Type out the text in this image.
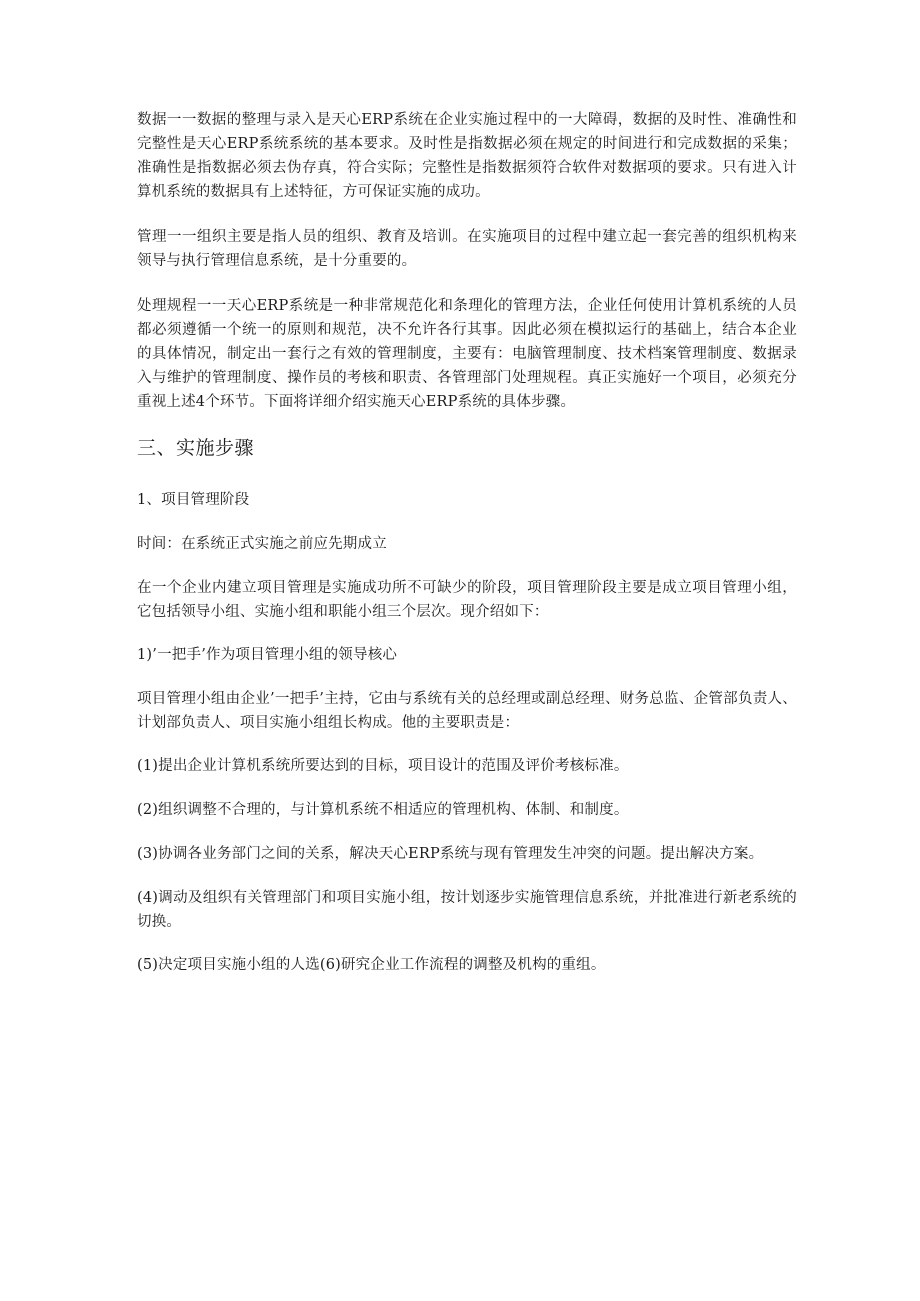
数据一一数据的整理与录入是天心ERP系统在企业实施过程中的一大障碍，数据的及时性、准确性和完整性是天心ERP系统系统的基本要求。及时性是指数据必须在规定的时间进行和完成数据的采集；准确性是指数据必须去伪存真，符合实际；完整性是指数据须符合软件对数据项的要求。只有进入计算机系统的数据具有上述特征，方可保证实施的成功。

管理一一组织主要是指人员的组织、教育及培训。在实施项目的过程中建立起一套完善的组织机构来领导与执行管理信息系统，是十分重要的。

处理规程一一天心ERP系统是一种非常规范化和条理化的管理方法，企业任何使用计算机系统的人员都必须遵循一个统一的原则和规范，决不允许各行其事。因此必须在模拟运行的基础上，结合本企业的具体情况，制定出一套行之有效的管理制度，主要有：电脑管理制度、技术档案管理制度、数据录入与维护的管理制度、操作员的考核和职责、各管理部门处理规程。真正实施好一个项目，必须充分重视上述4个环节。下面将详细介绍实施天心ERP系统的具体步骤。

三、实施步骤

1、项目管理阶段

时间：在系统正式实施之前应先期成立

在一个企业内建立项目管理是实施成功所不可缺少的阶段，项目管理阶段主要是成立项目管理小组，它包括领导小组、实施小组和职能小组三个层次。现介绍如下：

1)’一把手’作为项目管理小组的领导核心

项目管理小组由企业’一把手’主持，它由与系统有关的总经理或副总经理、财务总监、企管部负责人、计划部负责人、项目实施小组组长构成。他的主要职责是：

(1)提出企业计算机系统所要达到的目标，项目设计的范围及评价考核标准。

(2)组织调整不合理的，与计算机系统不相适应的管理机构、体制、和制度。

(3)协调各业务部门之间的关系，解决天心ERP系统与现有管理发生冲突的问题。提出解决方案。

(4)调动及组织有关管理部门和项目实施小组，按计划逐步实施管理信息系统，并批准进行新老系统的切换。

(5)决定项目实施小组的人选(6)研究企业工作流程的调整及机构的重组。
